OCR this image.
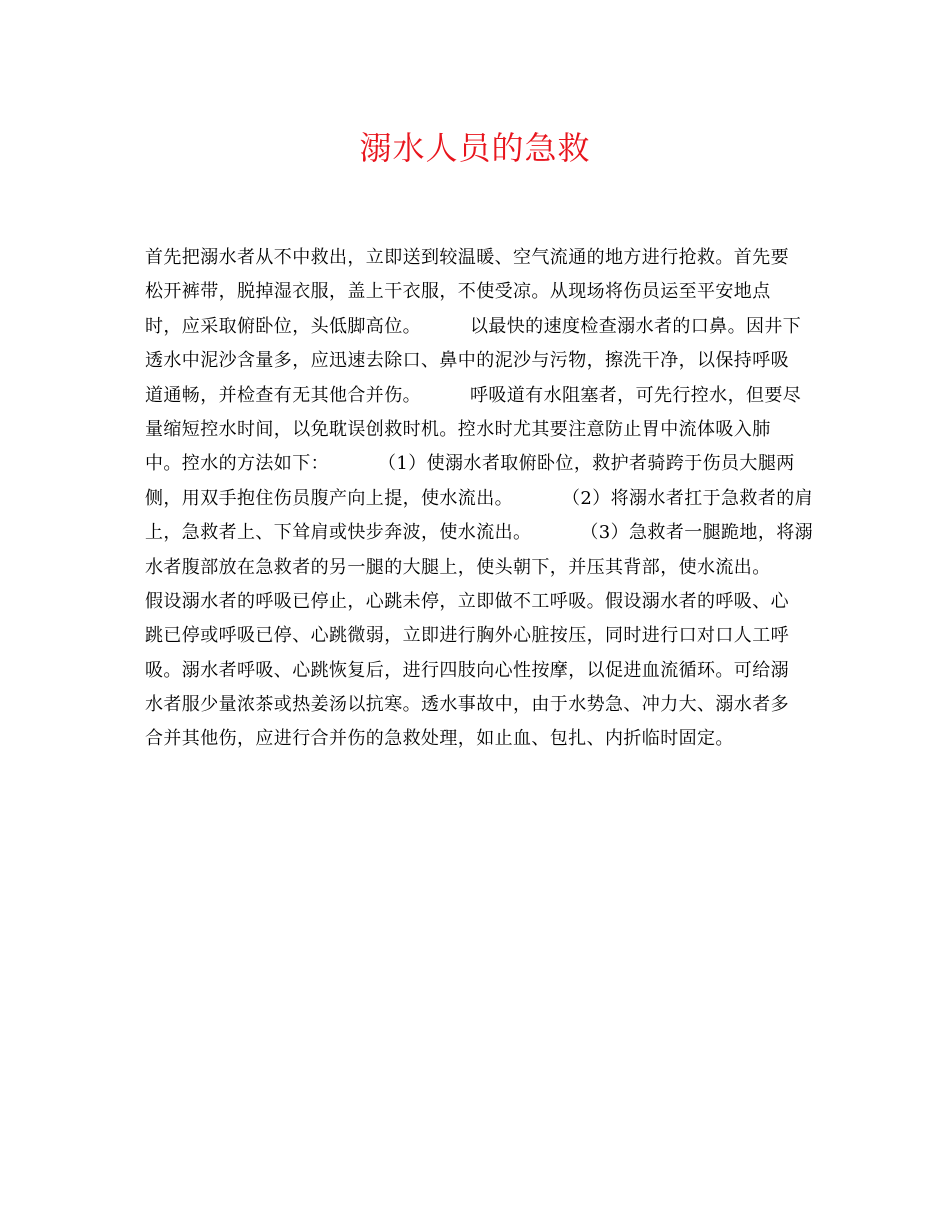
溺水人员的急救
首先把溺水者从不中救出，立即送到较温暖、空气流通的地方进行抢救。首先要
松开裤带，脱掉湿衣服，盖上干衣服，不使受凉。从现场将伤员运至平安地点
时，应采取俯卧位，头低脚高位。        以最快的速度检查溺水者的口鼻。因井下
透水中泥沙含量多，应迅速去除口、鼻中的泥沙与污物，擦洗干净，以保持呼吸
道通畅，并检查有无其他合并伤。        呼吸道有水阻塞者，可先行控水，但要尽
量缩短控水时间，以免耽误创救时机。控水时尤其要注意防止胃中流体吸入肺
中。控水的方法如下：        （1）使溺水者取俯卧位，救护者骑跨于伤员大腿两
侧，用双手抱住伤员腹产向上提，使水流出。        （2）将溺水者扛于急救者的肩
上，急救者上、下耸肩或快步奔波，使水流出。        （3）急救者一腿跪地，将溺
水者腹部放在急救者的另一腿的大腿上，使头朝下，并压其背部，使水流出。
假设溺水者的呼吸已停止，心跳未停，立即做不工呼吸。假设溺水者的呼吸、心
跳已停或呼吸已停、心跳微弱，立即进行胸外心脏按压，同时进行口对口人工呼
吸。溺水者呼吸、心跳恢复后，进行四肢向心性按摩，以促进血流循环。可给溺
水者服少量浓茶或热姜汤以抗寒。透水事故中，由于水势急、冲力大、溺水者多
合并其他伤，应进行合并伤的急救处理，如止血、包扎、内折临时固定。
